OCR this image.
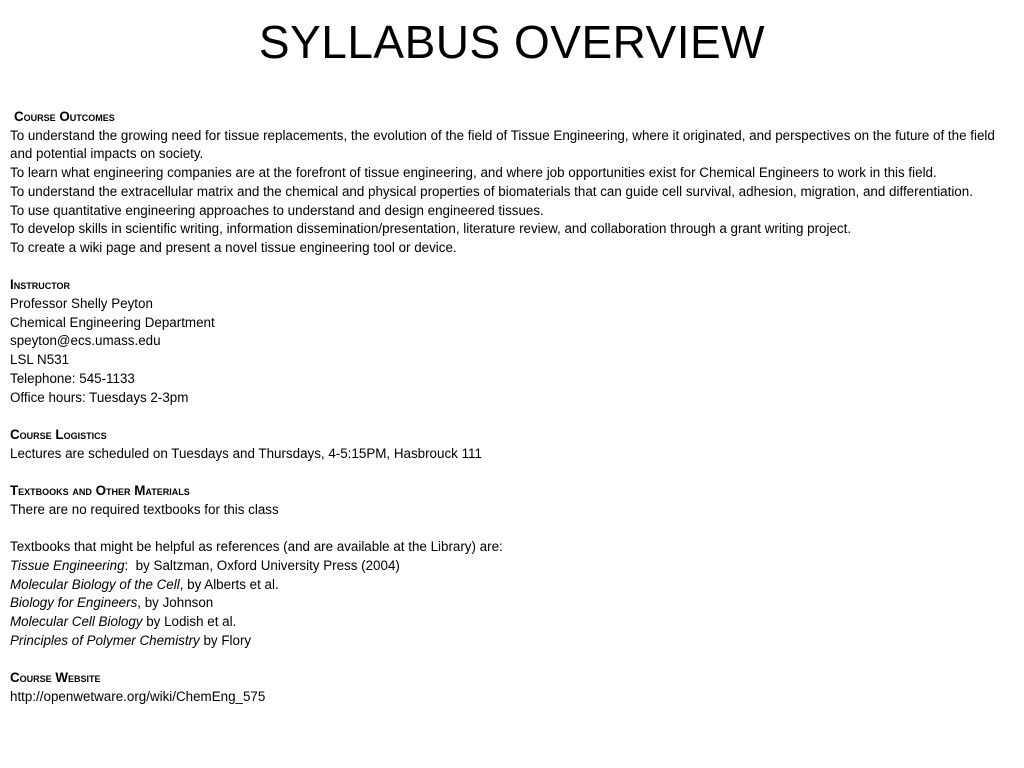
SYLLABUS OVERVIEW
Course Outcomes
To understand the growing need for tissue replacements, the evolution of the field of Tissue Engineering, where it originated, and perspectives on the future of the field and potential impacts on society.
To learn what engineering companies are at the forefront of tissue engineering, and where job opportunities exist for Chemical Engineers to work in this field.
To understand the extracellular matrix and the chemical and physical properties of biomaterials that can guide cell survival, adhesion, migration, and differentiation.
To use quantitative engineering approaches to understand and design engineered tissues.
To develop skills in scientific writing, information dissemination/presentation, literature review, and collaboration through a grant writing project.
To create a wiki page and present a novel tissue engineering tool or device.
Instructor
Professor Shelly Peyton
Chemical Engineering Department
speyton@ecs.umass.edu
LSL N531
Telephone: 545-1133
Office hours: Tuesdays 2-3pm
Course Logistics
Lectures are scheduled on Tuesdays and Thursdays, 4-5:15PM, Hasbrouck 111
Textbooks and Other Materials
There are no required textbooks for this class
Textbooks that might be helpful as references (and are available at the Library) are:
Tissue Engineering:  by Saltzman, Oxford University Press (2004)
Molecular Biology of the Cell, by Alberts et al.
Biology for Engineers, by Johnson
Molecular Cell Biology by Lodish et al.
Principles of Polymer Chemistry by Flory
Course Website
http://openwetware.org/wiki/ChemEng_575
